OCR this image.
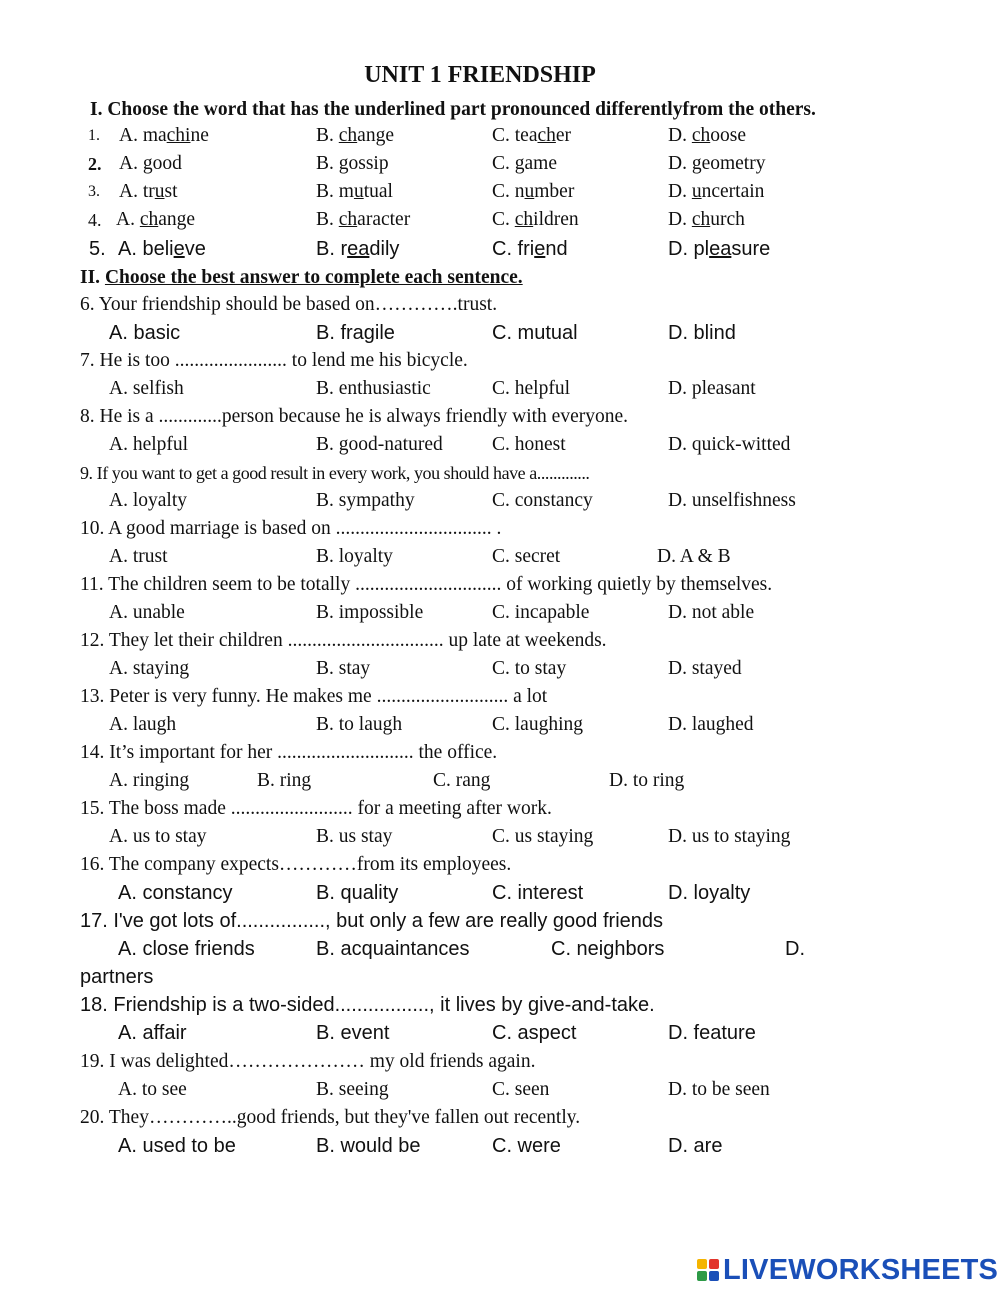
UNIT 1 FRIENDSHIP
I. Choose the word that has the underlined part pronounced differentlyfrom the others.
1. A. machine	B. change	C. teacher	D. choose
2. A. good	B. gossip	C. game	D. geometry
3. A. trust	B. mutual	C. number	D. uncertain
4. A. change	B. character	C. children	D. church
5. A. believe	B. readily	C. friend	D. pleasure
II. Choose the best answer to complete each sentence.
6. Your friendship should be based on………….trust.
A. basic	B. fragile	C. mutual	D. blind
7. He is too ....................... to lend me his bicycle.
A. selfish	B. enthusiastic	C. helpful	D. pleasant
8. He is a .............person because he is always friendly with everyone.
A. helpful	B. good-natured	C. honest	D. quick-witted
9. If you want to get a good result in every work, you should have a.............
A. loyalty	B. sympathy	C. constancy	D. unselfishness
10. A good marriage is based on ................................ .
A. trust	B. loyalty	C. secret	D. A & B
11. The children seem to be totally .............................. of working quietly by themselves.
A. unable	B. impossible	C. incapable	D. not able
12. They let their children ................................ up late at weekends.
A. staying	B. stay	C. to stay	D. stayed
13. Peter is very funny. He makes me ........................... a lot
A. laugh	B. to laugh	C. laughing	D. laughed
14. It’s important for her ............................ the office.
A. ringing	B. ring	C. rang	D. to ring
15. The boss made ......................... for a meeting after work.
A. us to stay	B. us stay	C. us staying	D. us to staying
16. The company expects…………from its employees.
A. constancy	B. quality	C. interest	D. loyalty
17. I've got lots of................, but only a few are really good friends
A. close friends	B. acquaintances	C. neighbors	D.
partners
18. Friendship is a two-sided................., it lives by give-and-take.
A. affair	B. event	C. aspect	D. feature
19. I was delighted………………… my old friends again.
A. to see	B. seeing	C. seen	D. to be seen
20. They…………..good friends, but they've fallen out recently.
A. used to be	B. would be	C. were	D. are
LIVEWORKSHEETS
